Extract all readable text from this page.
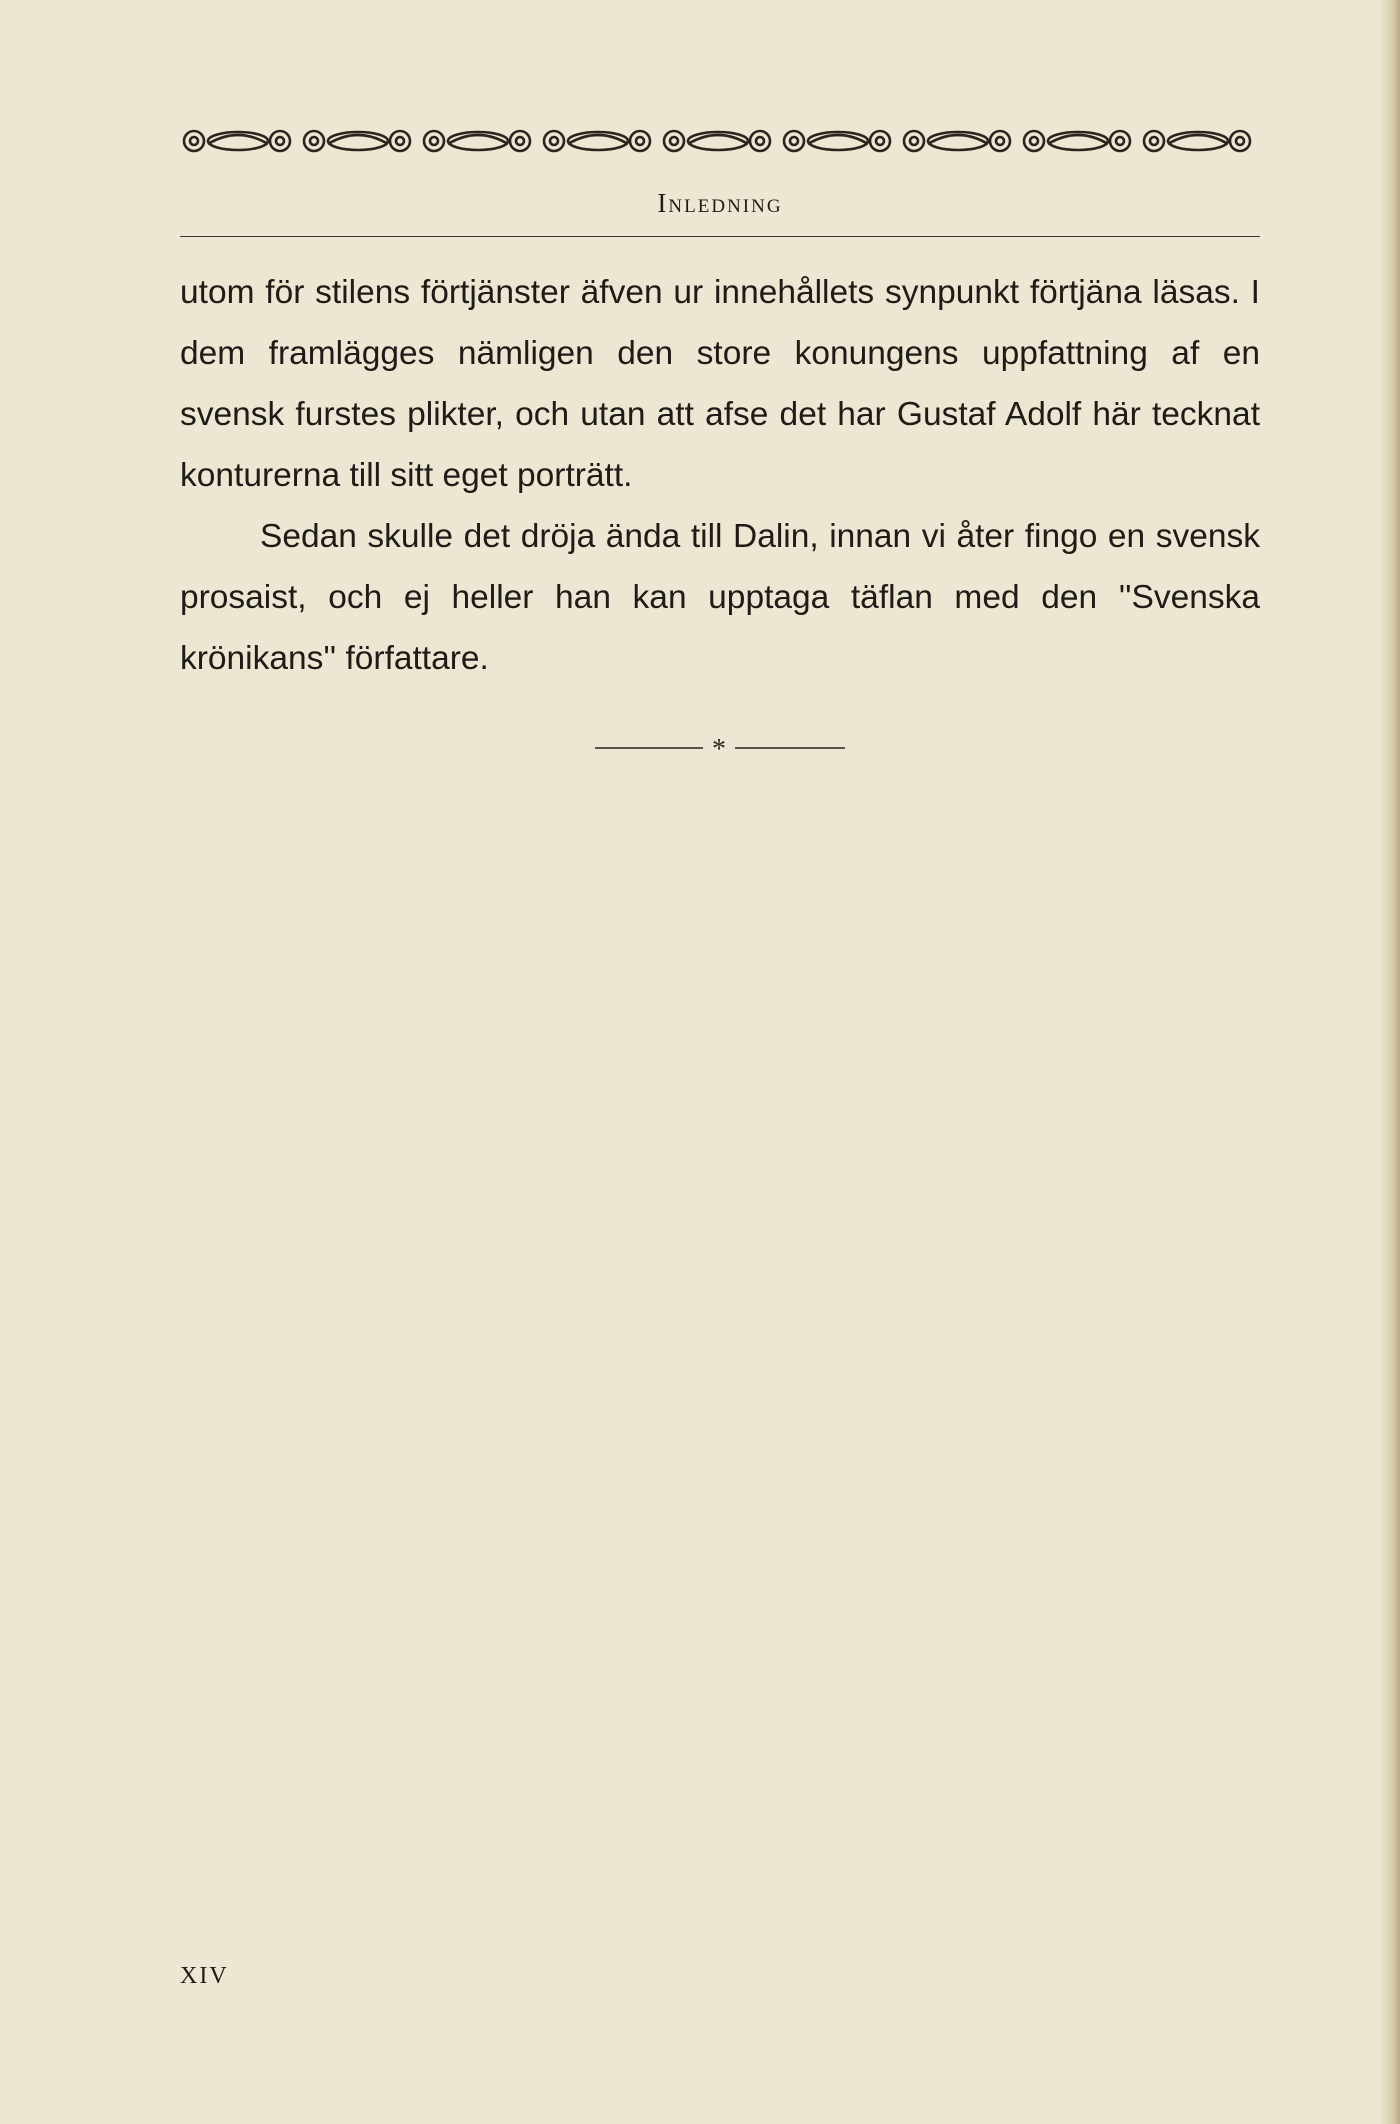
Inledning

utom för stilens förtjänster äfven ur innehållets synpunkt förtjäna läsas. I dem framlägges nämligen den store konungens uppfattning af en svensk furstes plikter, och utan att afse det har Gustaf Adolf här tecknat konturerna till sitt eget porträtt.

Sedan skulle det dröja ända till Dalin, innan vi åter fingo en svensk prosaist, och ej heller han kan upptaga täflan med den ''Svenska krönikans'' författare.

*
XIV
